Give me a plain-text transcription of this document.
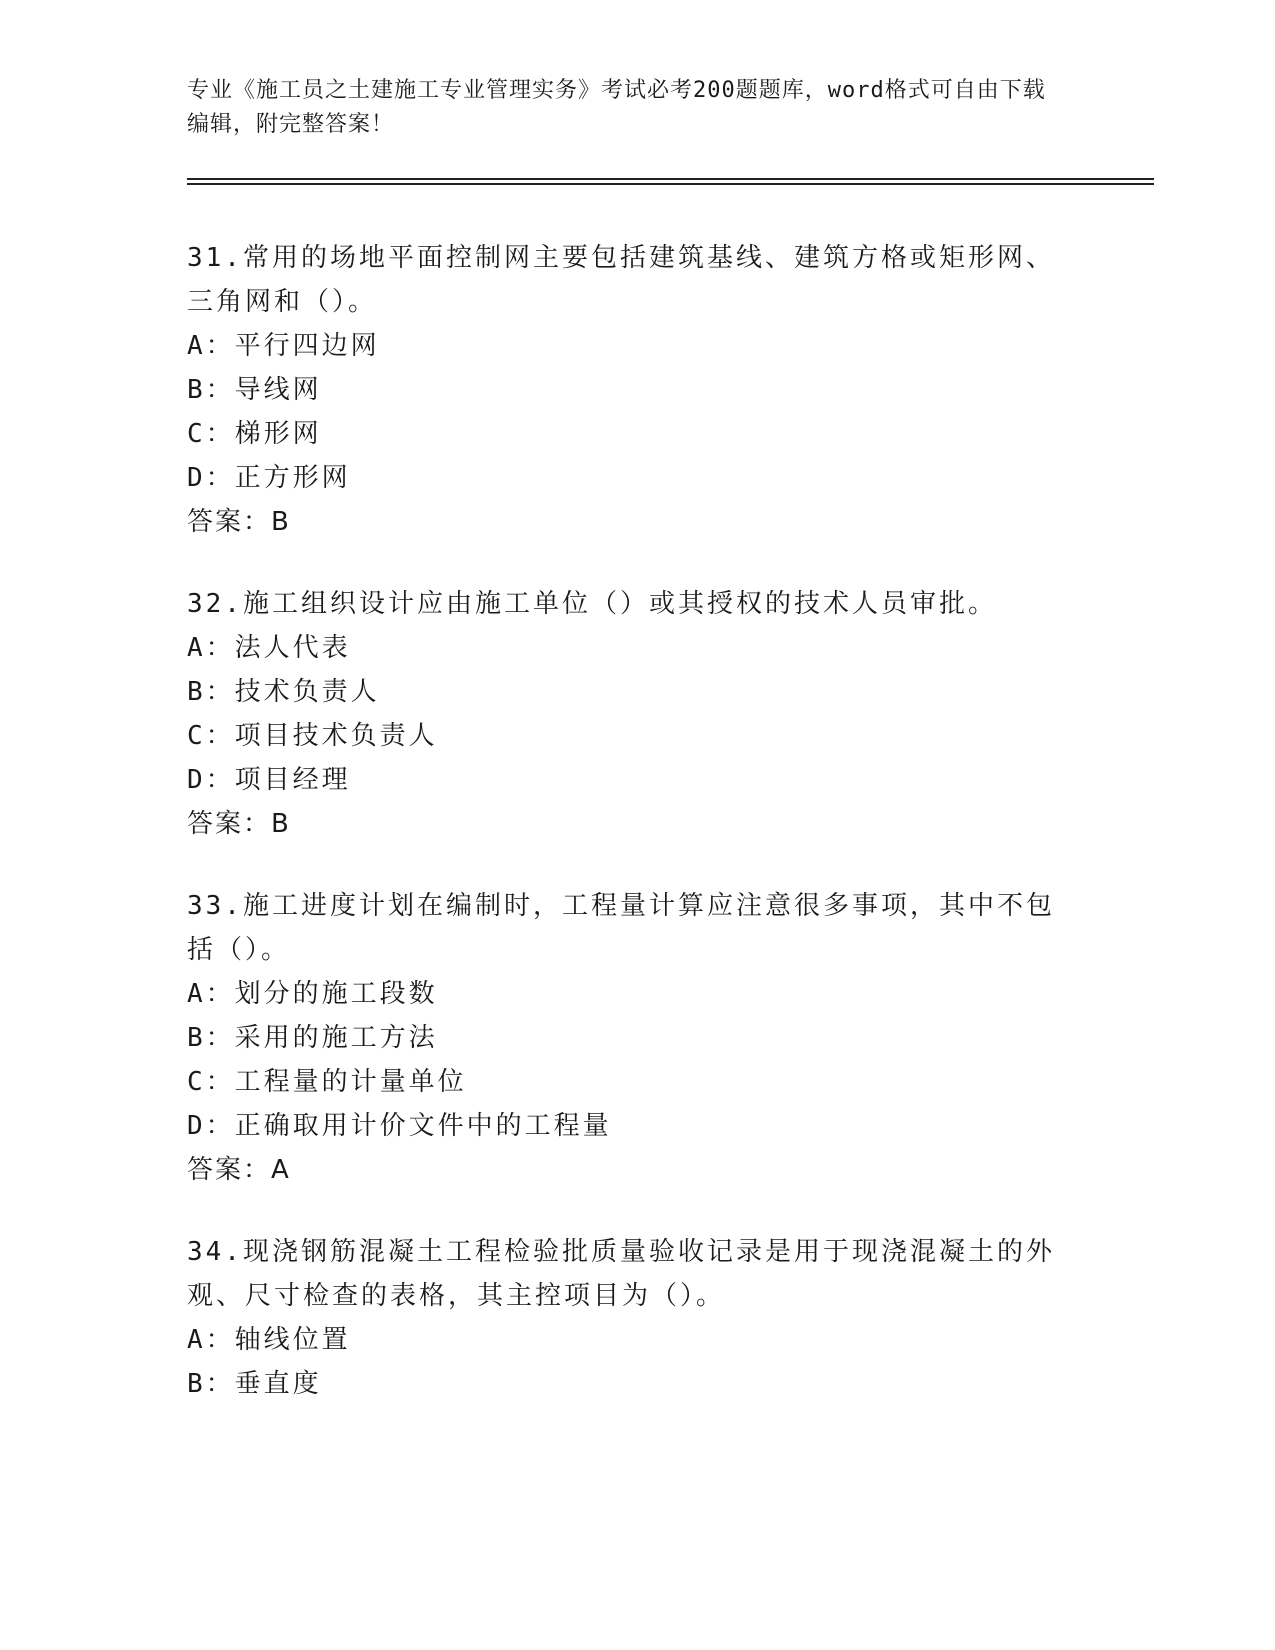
专业《施工员之土建施工专业管理实务》考试必考200题题库，word格式可自由下载编辑，附完整答案！
31.常用的场地平面控制网主要包括建筑基线、建筑方格或矩形网、三角网和（）。
A：平行四边网
B：导线网
C：梯形网
D：正方形网
答案：B
32.施工组织设计应由施工单位（）或其授权的技术人员审批。
A：法人代表
B：技术负责人
C：项目技术负责人
D：项目经理
答案：B
33.施工进度计划在编制时，工程量计算应注意很多事项，其中不包括（）。
A：划分的施工段数
B：采用的施工方法
C：工程量的计量单位
D：正确取用计价文件中的工程量
答案：A
34.现浇钢筋混凝土工程检验批质量验收记录是用于现浇混凝土的外观、尺寸检查的表格，其主控项目为（）。
A：轴线位置
B：垂直度
